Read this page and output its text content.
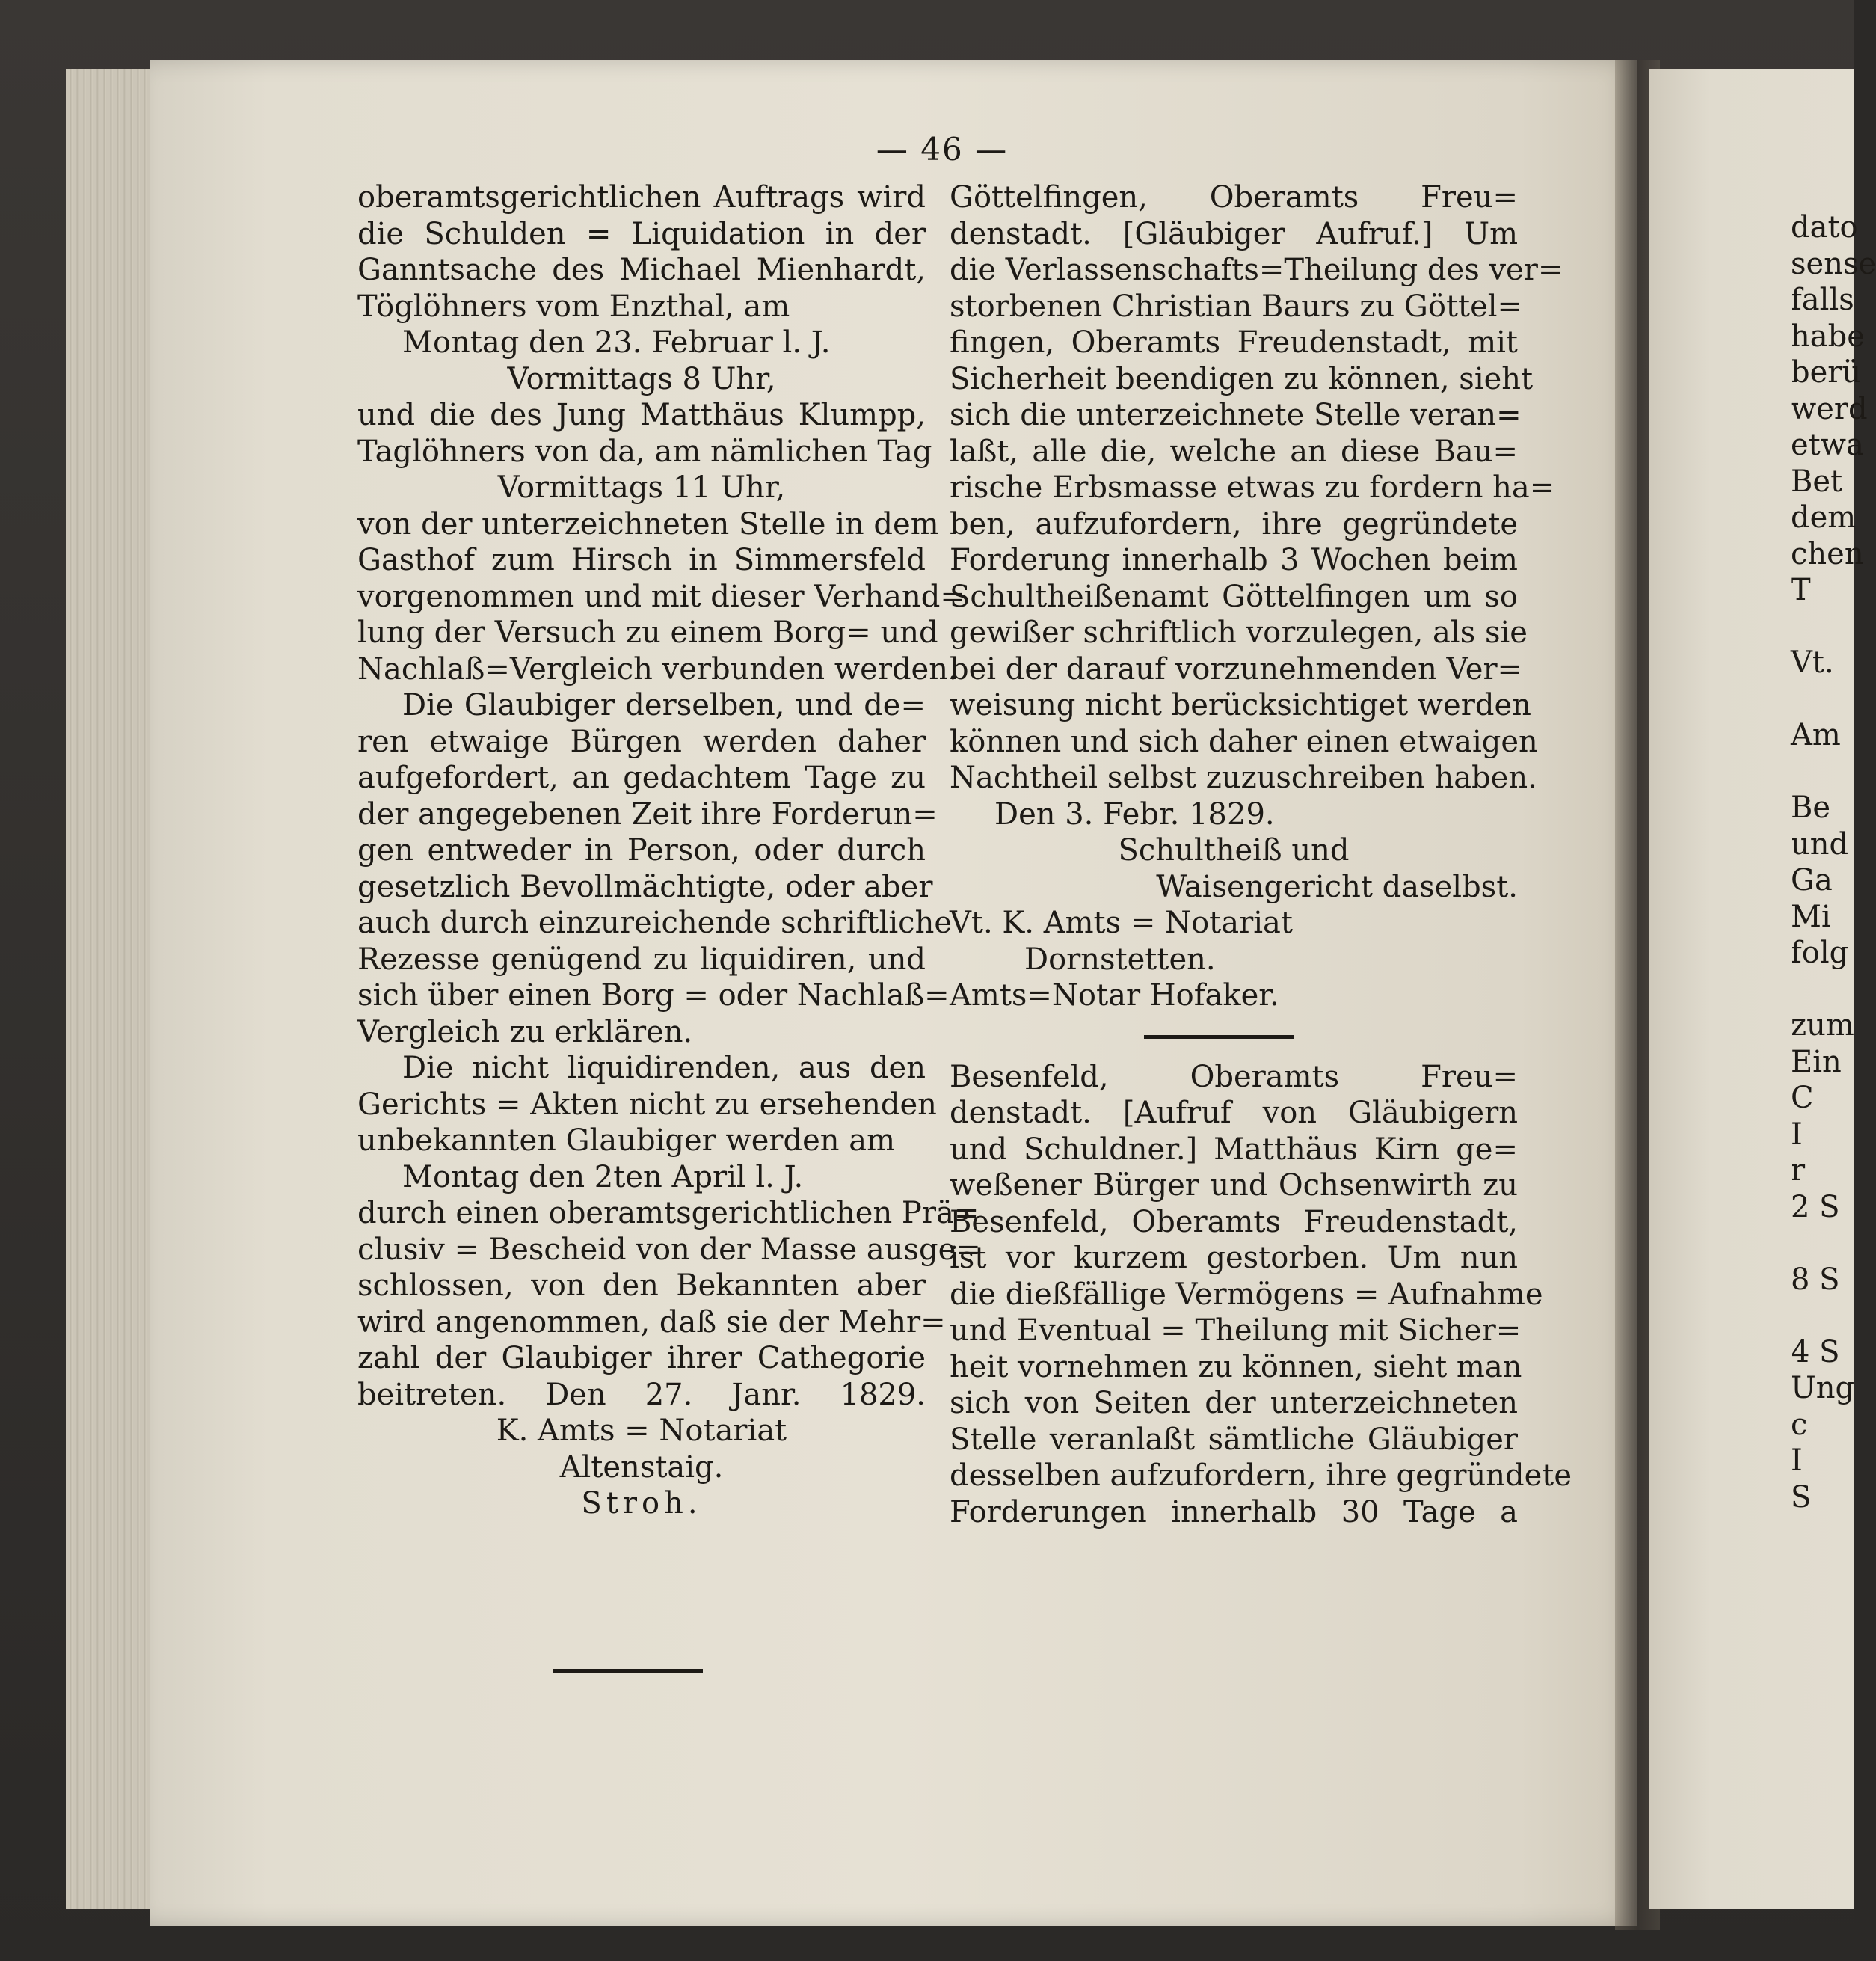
— 46 —
oberamtsgerichtlichen Auftrags wird
die Schulden = Liquidation in der
Ganntsache des Michael Mienhardt,
Töglöhners vom Enzthal, am
Montag den 23. Februar l. J.
Vormittags 8 Uhr,
und die des Jung Matthäus Klumpp,
Taglöhners von da, am nämlichen Tag
Vormittags 11 Uhr,
von der unterzeichneten Stelle in dem
Gasthof zum Hirsch in Simmersfeld
vorgenommen und mit dieser Verhand=
lung der Versuch zu einem Borg= und
Nachlaß=Vergleich verbunden werden.
Die Glaubiger derselben, und de=
ren etwaige Bürgen werden daher
aufgefordert, an gedachtem Tage zu
der angegebenen Zeit ihre Forderun=
gen entweder in Person, oder durch
gesetzlich Bevollmächtigte, oder aber
auch durch einzureichende schriftliche
Rezesse genügend zu liquidiren, und
sich über einen Borg = oder Nachlaß=
Vergleich zu erklären.
Die nicht liquidirenden, aus den
Gerichts = Akten nicht zu ersehenden
unbekannten Glaubiger werden am
Montag den 2ten April l. J.
durch einen oberamtsgerichtlichen Prä=
clusiv = Bescheid von der Masse ausge=
schlossen, von den Bekannten aber
wird angenommen, daß sie der Mehr=
zahl der Glaubiger ihrer Cathegorie
beitreten. Den 27. Janr. 1829.
K. Amts = Notariat
Altenstaig.
Stroh.
Göttelfingen, Oberamts Freu=
denstadt. [Gläubiger Aufruf.] Um
die Verlassenschafts=Theilung des ver=
storbenen Christian Baurs zu Göttel=
fingen, Oberamts Freudenstadt, mit
Sicherheit beendigen zu können, sieht
sich die unterzeichnete Stelle veran=
laßt, alle die, welche an diese Bau=
rische Erbsmasse etwas zu fordern ha=
ben, aufzufordern, ihre gegründete
Forderung innerhalb 3 Wochen beim
Schultheißenamt Göttelfingen um so
gewißer schriftlich vorzulegen, als sie
bei der darauf vorzunehmenden Ver=
weisung nicht berücksichtiget werden
können und sich daher einen etwaigen
Nachtheil selbst zuzuschreiben haben.
Den 3. Febr. 1829.
Schultheiß und
Waisengericht daselbst.
Vt. K. Amts = Notariat
Dornstetten.
Amts=Notar Hofaker.
Besenfeld, Oberamts Freu=
denstadt. [Aufruf von Gläubigern
und Schuldner.] Matthäus Kirn ge=
weßener Bürger und Ochsenwirth zu
Besenfeld, Oberamts Freudenstadt,
ist vor kurzem gestorben. Um nun
die dießfällige Vermögens = Aufnahme
und Eventual = Theilung mit Sicher=
heit vornehmen zu können, sieht man
sich von Seiten der unterzeichneten
Stelle veranlaßt sämtliche Gläubiger
desselben aufzufordern, ihre gegründete
Forderungen innerhalb 30 Tage a
dato
sense
falls
habe
berü
werd
etwa
Bet
dem
chen
T
Vt.
Am
Be
und
Ga
Mi
folg
zum
Ein
C
I
r
2 S
8 S
4 S
Ung
c
I
S
